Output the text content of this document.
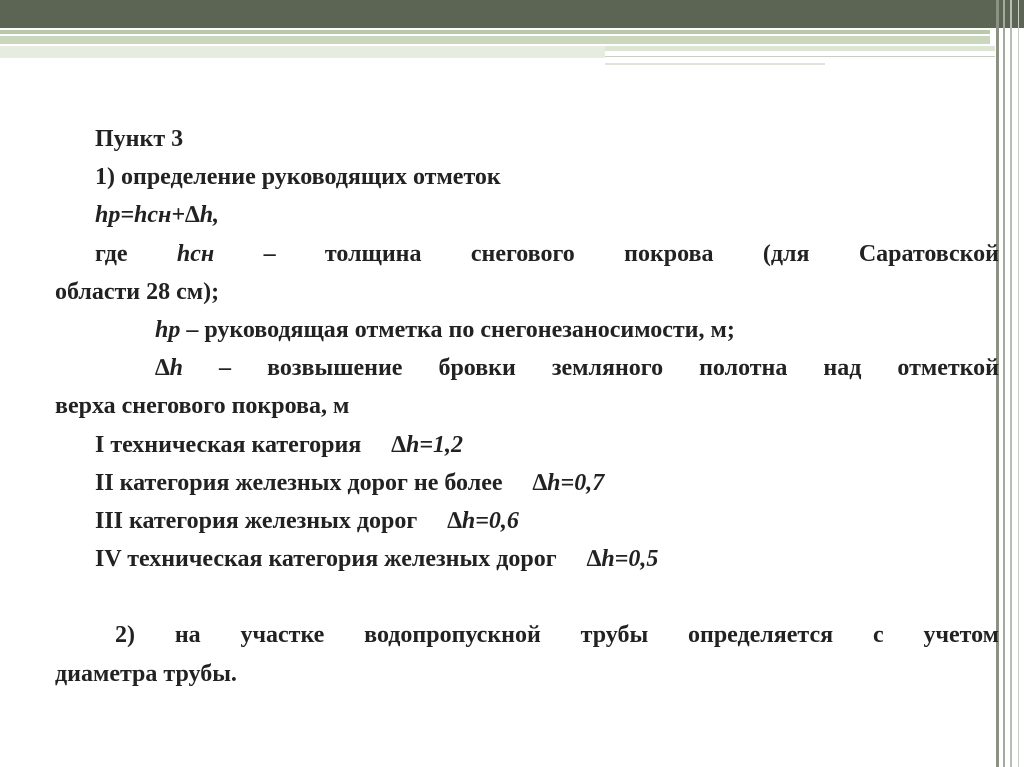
Пункт 3
1) определение руководящих отметок
hр=hсн+∆h,
где hсн – толщина снегового покрова (для Саратовской
области 28 см);
hр – руководящая отметка по снегонезаносимости, м;
∆h – возвышение бровки земляного полотна над отметкой
верха снегового покрова, м
I техническая категория ∆h=1,2
II категория железных дорог не более ∆h=0,7
III категория железных дорог ∆h=0,6
IV техническая категория железных дорог ∆h=0,5
2) на участке водопропускной трубы определяется с учетом
диаметра трубы.
